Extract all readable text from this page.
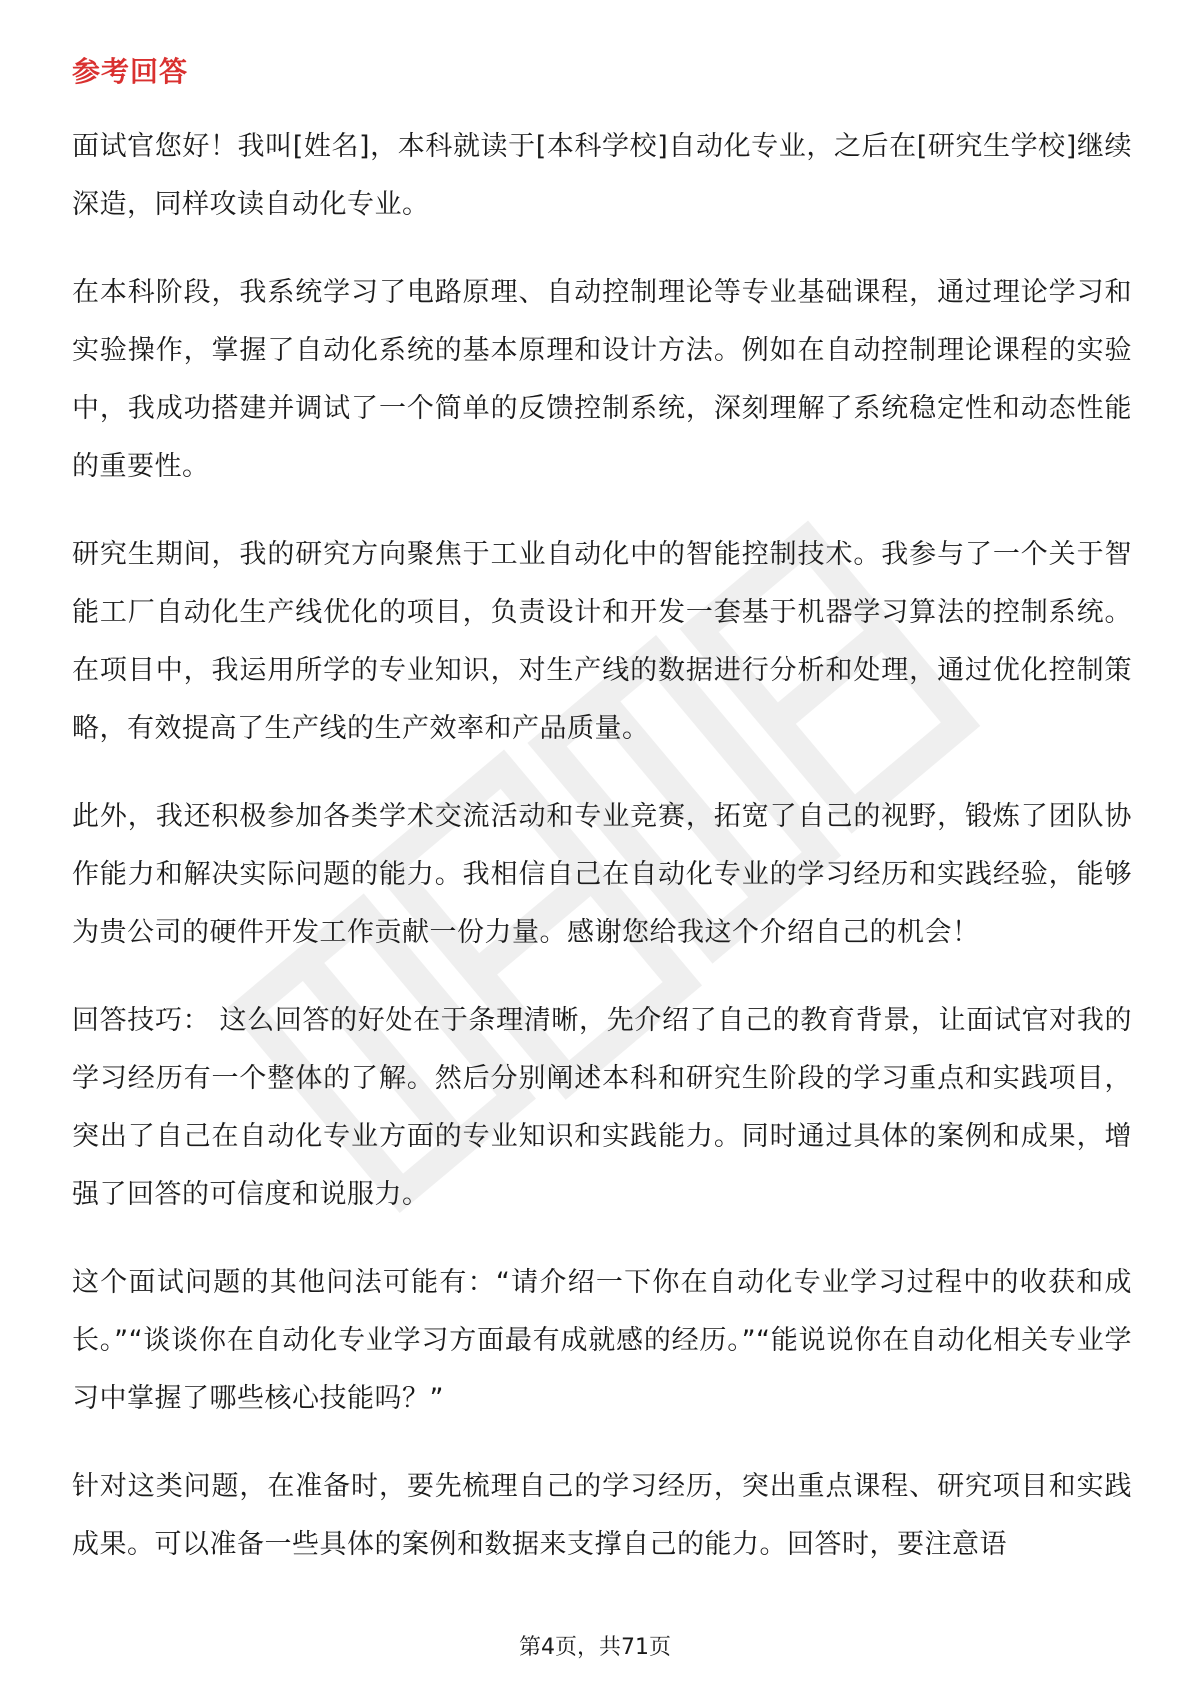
参考回答

面试官您好！我叫[姓名]，本科就读于[本科学校]自动化专业，之后在[研究生学校]继续深造，同样攻读自动化专业。

在本科阶段，我系统学习了电路原理、自动控制理论等专业基础课程，通过理论学习和实验操作，掌握了自动化系统的基本原理和设计方法。例如在自动控制理论课程的实验中，我成功搭建并调试了一个简单的反馈控制系统，深刻理解了系统稳定性和动态性能的重要性。

研究生期间，我的研究方向聚焦于工业自动化中的智能控制技术。我参与了一个关于智能工厂自动化生产线优化的项目，负责设计和开发一套基于机器学习算法的控制系统。在项目中，我运用所学的专业知识，对生产线的数据进行分析和处理，通过优化控制策略，有效提高了生产线的生产效率和产品质量。

此外，我还积极参加各类学术交流活动和专业竞赛，拓宽了自己的视野，锻炼了团队协作能力和解决实际问题的能力。我相信自己在自动化专业的学习经历和实践经验，能够为贵公司的硬件开发工作贡献一份力量。感谢您给我这个介绍自己的机会！

回答技巧： 这么回答的好处在于条理清晰，先介绍了自己的教育背景，让面试官对我的学习经历有一个整体的了解。然后分别阐述本科和研究生阶段的学习重点和实践项目，突出了自己在自动化专业方面的专业知识和实践能力。同时通过具体的案例和成果，增强了回答的可信度和说服力。

这个面试问题的其他问法可能有：“请介绍一下你在自动化专业学习过程中的收获和成长。”“谈谈你在自动化专业学习方面最有成就感的经历。”“能说说你在自动化相关专业学习中掌握了哪些核心技能吗？”

针对这类问题，在准备时，要先梳理自己的学习经历，突出重点课程、研究项目和实践成果。可以准备一些具体的案例和数据来支撑自己的能力。回答时，要注意语

第4页，共71页
